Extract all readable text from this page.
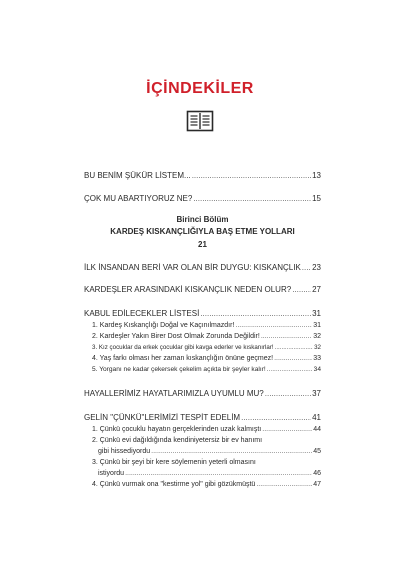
İÇİNDEKİLER
BU BENİM ŞÜKÜR LİSTEM... .....	13
ÇOK MU ABARTIYORUZ NE? .....	15
Birinci Bölüm
KARDEŞ KISKANÇLIĞIYLA BAŞ ETME YOLLARI
21
İLK İNSANDAN BERİ VAR OLAN BİR DUYGU: KISKANÇLIK ..... 23
KARDEŞLER ARASINDAKİ KISKANÇLIK NEDEN OLUR? .....	27
KABUL EDİLECEKLER LİSTESİ .....	31
1. Kardeş Kıskançlığı Doğal ve Kaçınılmazdır! .....	31
2. Kardeşler Yakın Birer Dost Olmak Zorunda Değildir! .....	32
3. Kız çocuklar da erkek çocuklar gibi kavga ederler ve kıskanırlar! .....	32
4. Yaş farkı olması her zaman kıskançlığın önüne geçmez! .....	33
5. Yorganı ne kadar çekersek çekelim açıkta bir şeyler kalır! .....	34
HAYALLERİMİZ HAYATLARIMIZLA UYUMLU MU? .....	37
GELİN "ÇÜNKÜ"LERİMİZİ TESPİT EDELİM .....	41
1. Çünkü çocuklu hayatın gerçeklerinden uzak kalmıştı .....	44
2. Çünkü evi dağıldığında kendiniyetersiz bir ev hanımı
gibi hissediyordu .....	45
3. Çünkü bir şeyi bir kere söylemenin yeterli olmasını
istiyordu .....	46
4. Çünkü vurmak ona "kestirme yol" gibi gözükmüştü .....	47
